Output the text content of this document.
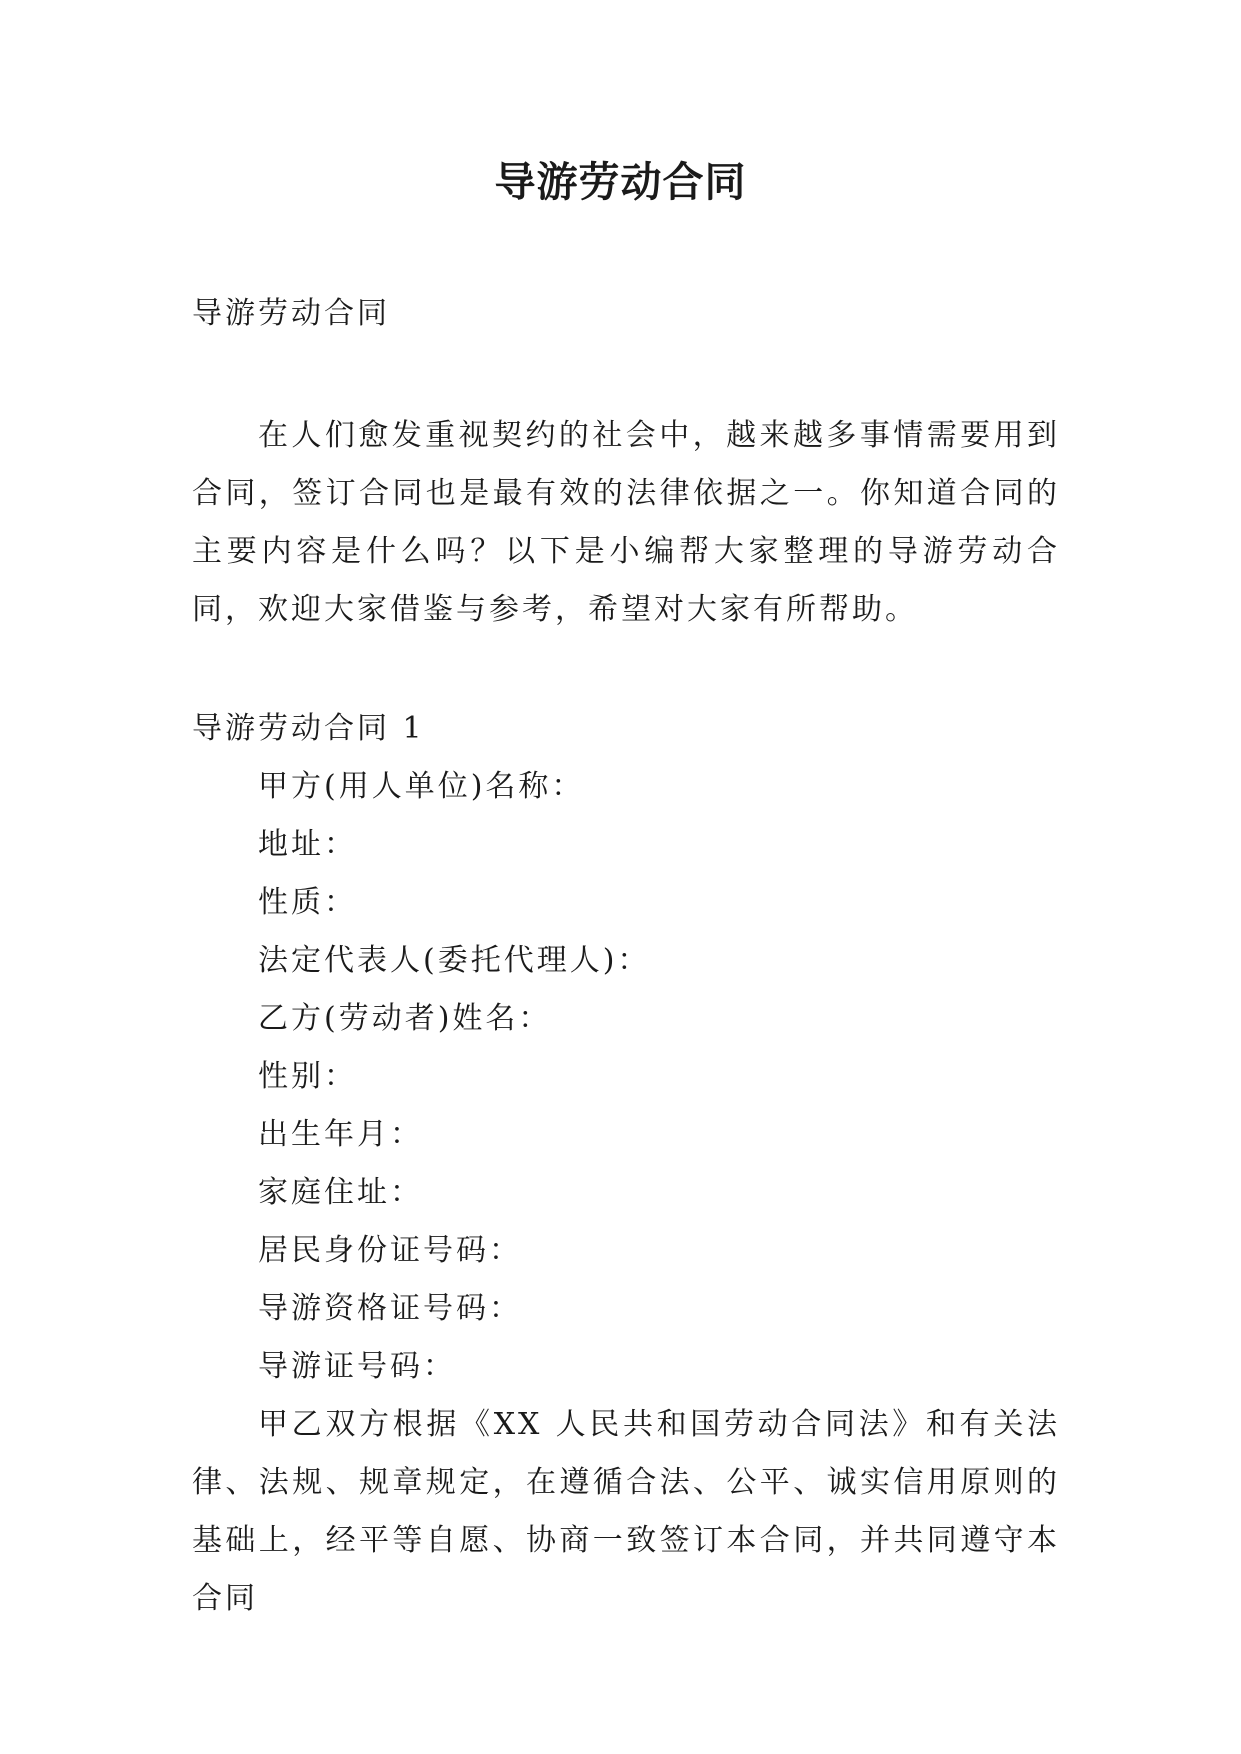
导游劳动合同

导游劳动合同

在人们愈发重视契约的社会中，越来越多事情需要用到合同，签订合同也是最有效的法律依据之一。你知道合同的主要内容是什么吗？以下是小编帮大家整理的导游劳动合同，欢迎大家借鉴与参考，希望对大家有所帮助。

导游劳动合同 1

甲方(用人单位)名称：

地址：

性质：

法定代表人(委托代理人)：

乙方(劳动者)姓名：

性别：

出生年月：

家庭住址：

居民身份证号码：

导游资格证号码：

导游证号码：

甲乙双方根据《XX 人民共和国劳动合同法》和有关法律、法规、规章规定，在遵循合法、公平、诚实信用原则的基础上，经平等自愿、协商一致签订本合同，并共同遵守本合同
